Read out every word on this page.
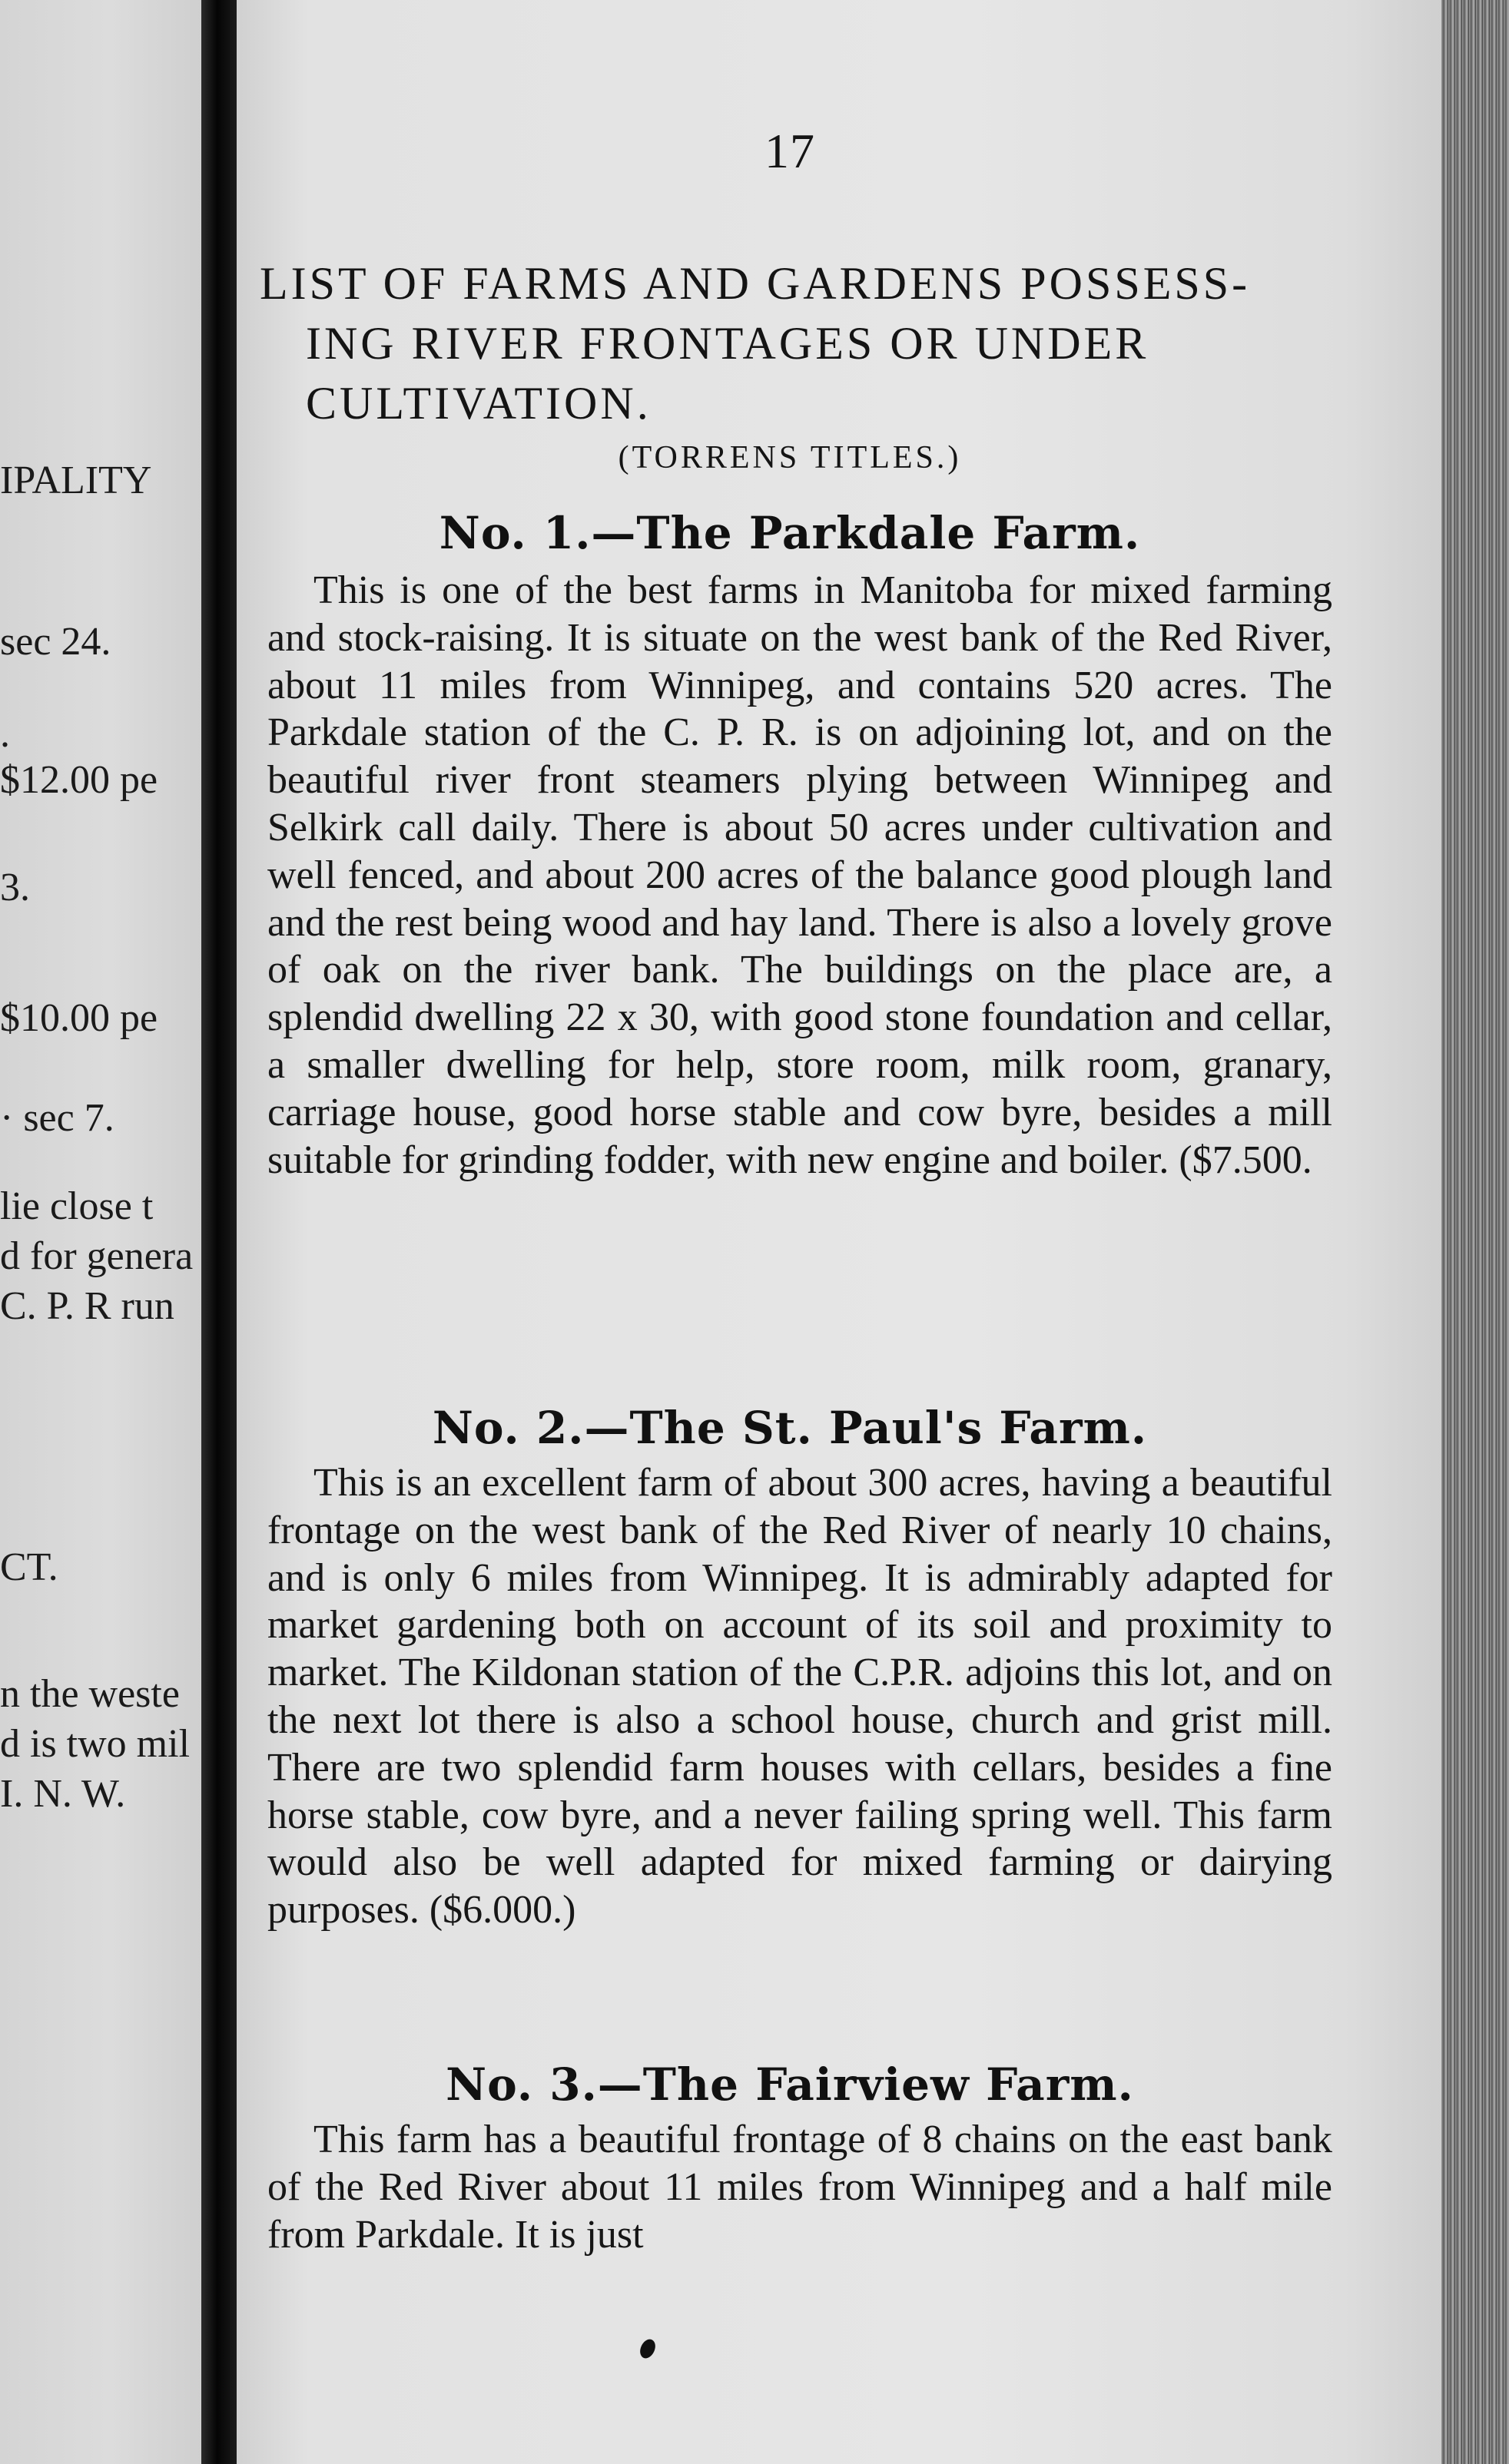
IPALITY

sec 24.

.

$12.00 pe

3.

$10.00 pe

· sec 7.

lie close t

d for genera

C. P. R run

CT.

n the weste

d is two mil

I. N. W.

17

LIST OF FARMS AND GARDENS POSSESS-
ING RIVER FRONTAGES OR UNDER
CULTIVATION.

(TORRENS TITLES.)

No. 1.—The Parkdale Farm.

This is one of the best farms in Manitoba for mixed farming and stock-raising. It is situate on the west bank of the Red River, about 11 miles from Winnipeg, and contains 520 acres. The Parkdale station of the C. P. R. is on adjoining lot, and on the beautiful river front steamers plying between Winnipeg and Selkirk call daily. There is about 50 acres under cultivation and well fenced, and about 200 acres of the balance good plough land and the rest being wood and hay land. There is also a lovely grove of oak on the river bank. The buildings on the place are, a splendid dwelling 22 x 30, with good stone foundation and cellar, a smaller dwelling for help, store room, milk room, granary, carriage house, good horse stable and cow byre, besides a mill suitable for grinding fodder, with new engine and boiler. ($7.500.

No. 2.—The St. Paul's Farm.

This is an excellent farm of about 300 acres, having a beautiful frontage on the west bank of the Red River of nearly 10 chains, and is only 6 miles from Winnipeg. It is admirably adapted for market gardening both on account of its soil and proximity to market. The Kildonan station of the C.P.R. adjoins this lot, and on the next lot there is also a school house, church and grist mill. There are two splendid farm houses with cellars, besides a fine horse stable, cow byre, and a never failing spring well. This farm would also be well adapted for mixed farming or dairying purposes. ($6.000.)

No. 3.—The Fairview Farm.

This farm has a beautiful frontage of 8 chains on the east bank of the Red River about 11 miles from Winnipeg and a half mile from Parkdale. It is just
